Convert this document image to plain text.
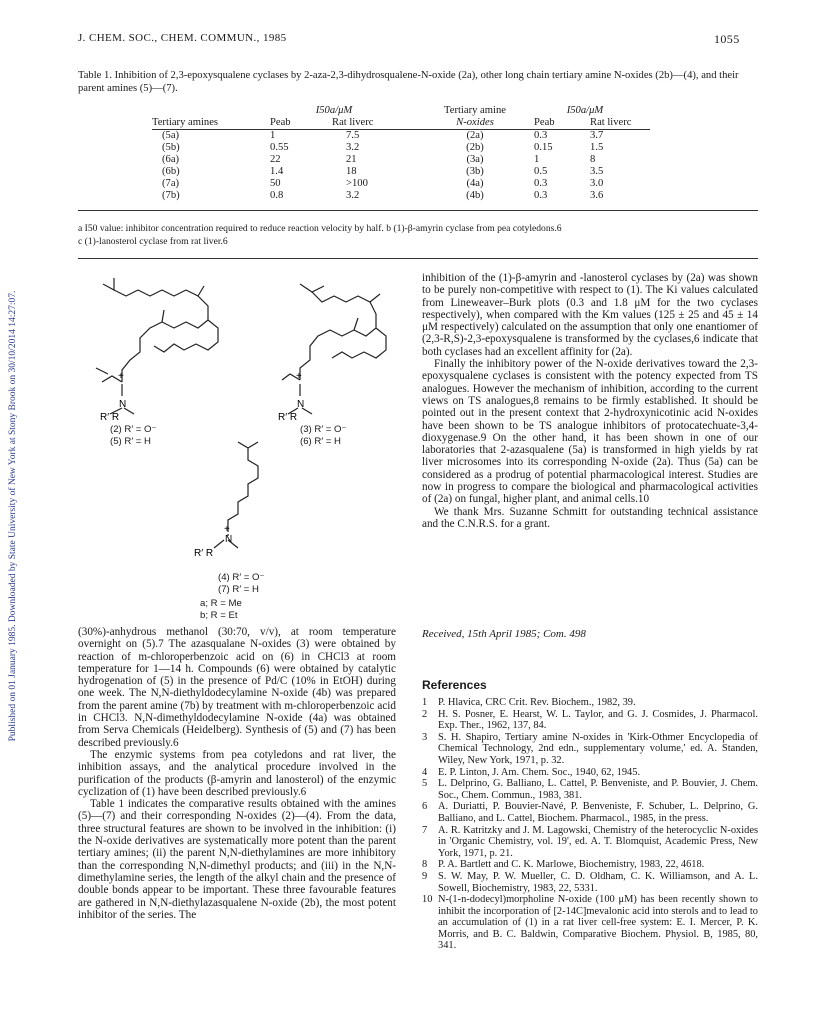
Published on 01 January 1985. Downloaded by State University of New York at Stony Brook on 30/10/2014 14:27:07.
J. CHEM. SOC., CHEM. COMMUN., 1985	1055
Table 1. Inhibition of 2,3-epoxysqualene cyclases by 2-aza-2,3-dihydrosqualene-N-oxide (2a), other long chain tertiary amine N-oxides (2b)—(4), and their parent amines (5)—(7).
	I50a/μM			Tertiary amine	I50a/μM	
Tertiary amines	Peab	Rat liverc		N-oxides	Peab	Rat liverc
(5a)	1	7.5		(2a)	0.3	3.7
(5b)	0.55	3.2		(2b)	0.15	1.5
(6a)	22	21		(3a)	1	8
(6b)	1.4	18		(3b)	0.5	3.5
(7a)	50	>100		(4a)	0.3	3.0
(7b)	0.8	3.2		(4b)	0.3	3.6
a I50 value: inhibitor concentration required to reduce reaction velocity by half. b (1)-β-amyrin cyclase from pea cotyledons.6
c (1)-lanosterol cyclase from rat liver.6
+
N
R′ R
(2) R′ = O⁻
(5) R′ = H
+
N
R′ R
(3) R′ = O⁻
(6) R′ = H
+
N
R′ R
(4) R′ = O⁻
(7) R′ = H
a; R = Me
b; R = Et

(30%)-anhydrous methanol (30:70, v/v), at room temperature overnight on (5).7 The azasqualane N-oxides (3) were obtained by reaction of m-chloroperbenzoic acid on (6) in CHCl3 at room temperature for 1—14 h. Compounds (6) were obtained by catalytic hydrogenation of (5) in the presence of Pd/C (10% in EtOH) during one week. The N,N-diethyldodecylamine N-oxide (4b) was prepared from the parent amine (7b) by treatment with m-chloroperbenzoic acid in CHCl3. N,N-dimethyldodecylamine N-oxide (4a) was obtained from Serva Chemicals (Heidelberg). Synthesis of (5) and (7) has been described previously.6

The enzymic systems from pea cotyledons and rat liver, the inhibition assays, and the analytical procedure involved in the purification of the products (β-amyrin and lanosterol) of the enzymic cyclization of (1) have been described previously.6

Table 1 indicates the comparative results obtained with the amines (5)—(7) and their corresponding N-oxides (2)—(4). From the data, three structural features are shown to be involved in the inhibition: (i) the N-oxide derivatives are systematically more potent than the parent tertiary amines; (ii) the parent N,N-diethylamines are more inhibitory than the corresponding N,N-dimethyl products; and (iii) in the N,N-dimethylamine series, the length of the alkyl chain and the presence of double bonds appear to be important. These three favourable features are gathered in N,N-diethylazasqualene N-oxide (2b), the most potent inhibitor of the series. The

inhibition of the (1)-β-amyrin and -lanosterol cyclases by (2a) was shown to be purely non-competitive with respect to (1). The Ki values calculated from Lineweaver–Burk plots (0.3 and 1.8 μM for the two cyclases respectively), when compared with the Km values (125 ± 25 and 45 ± 14 μM respectively) calculated on the assumption that only one enantiomer of (2,3-R,S)-2,3-epoxysqualene is transformed by the cyclases,6 indicate that both cyclases had an excellent affinity for (2a).

Finally the inhibitory power of the N-oxide derivatives toward the 2,3-epoxysqualene cyclases is consistent with the potency expected from TS analogues. However the mechanism of inhibition, according to the current views on TS analogues,8 remains to be firmly established. It should be pointed out in the present context that 2-hydroxynicotinic acid N-oxides have been shown to be TS analogue inhibitors of protocatechuate-3,4-dioxygenase.9 On the other hand, it has been shown in one of our laboratories that 2-azasqualene (5a) is transformed in high yields by rat liver microsomes into its corresponding N-oxide (2a). Thus (5a) can be considered as a prodrug of potential pharmacological interest. Studies are now in progress to compare the biological and pharmacological activities of (2a) on fungal, higher plant, and animal cells.10

We thank Mrs. Suzanne Schmitt for outstanding technical assistance and the C.N.R.S. for a grant.

Received, 15th April 1985; Com. 498
References
1 P. Hlavica, CRC Crit. Rev. Biochem., 1982, 39.
2 H. S. Posner, E. Hearst, W. L. Taylor, and G. J. Cosmides, J. Pharmacol. Exp. Ther., 1962, 137, 84.
3 S. H. Shapiro, Tertiary amine N-oxides in 'Kirk-Othmer Encyclopedia of Chemical Technology, 2nd edn., supplementary volume,' ed. A. Standen, Wiley, New York, 1971, p. 32.
4 E. P. Linton, J. Am. Chem. Soc., 1940, 62, 1945.
5 L. Delprino, G. Balliano, L. Cattel, P. Benveniste, and P. Bouvier, J. Chem. Soc., Chem. Commun., 1983, 381.
6 A. Duriatti, P. Bouvier-Navé, P. Benveniste, F. Schuber, L. Delprino, G. Balliano, and L. Cattel, Biochem. Pharmacol., 1985, in the press.
7 A. R. Katritzky and J. M. Lagowski, Chemistry of the heterocyclic N-oxides in 'Organic Chemistry, vol. 19', ed. A. T. Blomquist, Academic Press, New York, 1971, p. 21.
8 P. A. Bartlett and C. K. Marlowe, Biochemistry, 1983, 22, 4618.
9 S. W. May, P. W. Mueller, C. D. Oldham, C. K. Williamson, and A. L. Sowell, Biochemistry, 1983, 22, 5331.
10 N-(1-n-dodecyl)morpholine N-oxide (100 μM) has been recently shown to inhibit the incorporation of [2-14C]mevalonic acid into sterols and to lead to an accumulation of (1) in a rat liver cell-free system: E. I. Mercer, P. K. Morris, and B. C. Baldwin, Comparative Biochem. Physiol. B, 1985, 80, 341.
